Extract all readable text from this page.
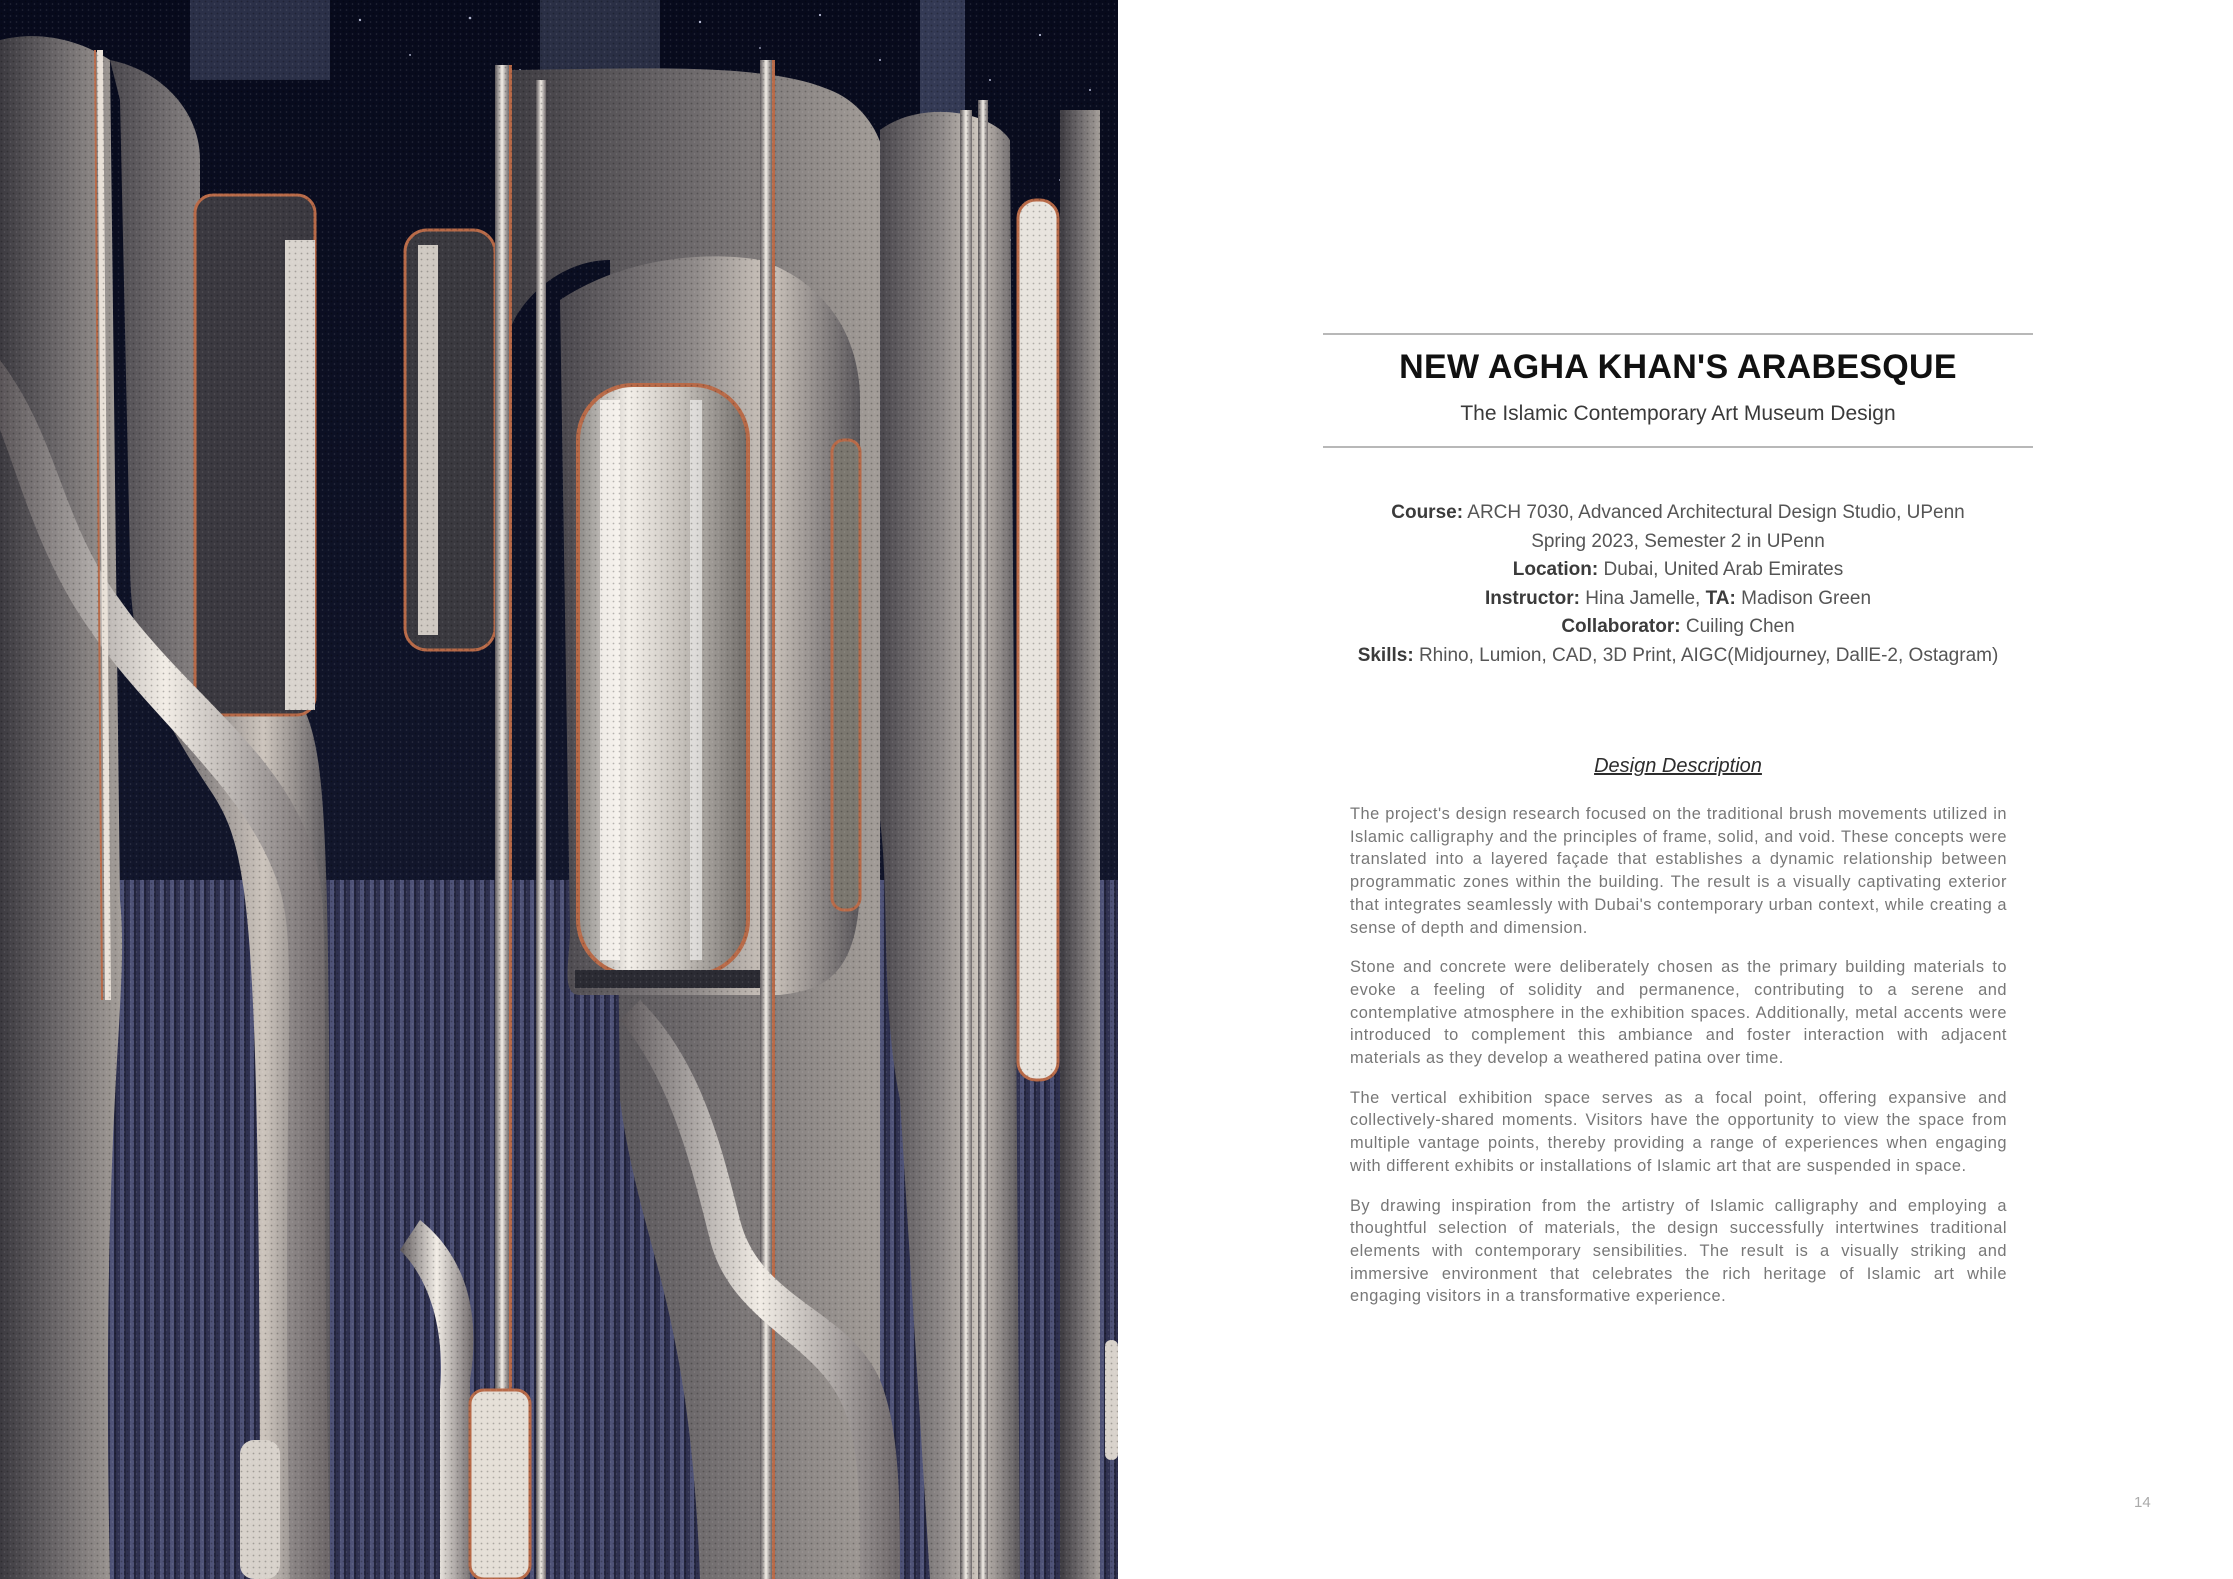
NEW AGHA KHAN'S ARABESQUE
The Islamic Contemporary Art Museum Design
Course: ARCH 7030, Advanced Architectural Design Studio, UPenn
Spring 2023, Semester 2 in UPenn
Location: Dubai, United Arab Emirates
Instructor: Hina Jamelle, TA: Madison Green
Collaborator: Cuiling Chen
Skills: Rhino, Lumion, CAD, 3D Print, AIGC(Midjourney, DallE-2, Ostagram)
Design Description

The project's design research focused on the traditional brush movements utilized in Islamic calligraphy and the principles of frame, solid, and void. These concepts were translated into a layered façade that establishes a dynamic relationship between programmatic zones within the building. The result is a visually captivating exterior that integrates seamlessly with Dubai's contemporary urban context, while creating a sense of depth and dimension.

Stone and concrete were deliberately chosen as the primary building materials to evoke a feeling of solidity and permanence, contributing to a serene and contemplative atmosphere in the exhibition spaces. Additionally, metal accents were introduced to complement this ambiance and foster interaction with adjacent materials as they develop a weathered patina over time.

The vertical exhibition space serves as a focal point, offering expansive and collectively-shared moments. Visitors have the opportunity to view the space from multiple vantage points, thereby providing a range of experiences when engaging with different exhibits or installations of Islamic art that are suspended in space.

By drawing inspiration from the artistry of Islamic calligraphy and employing a thoughtful selection of materials, the design successfully intertwines traditional elements with contemporary sensibilities. The result is a visually striking and immersive environment that celebrates the rich heritage of Islamic art while engaging visitors in a transformative experience.

14
